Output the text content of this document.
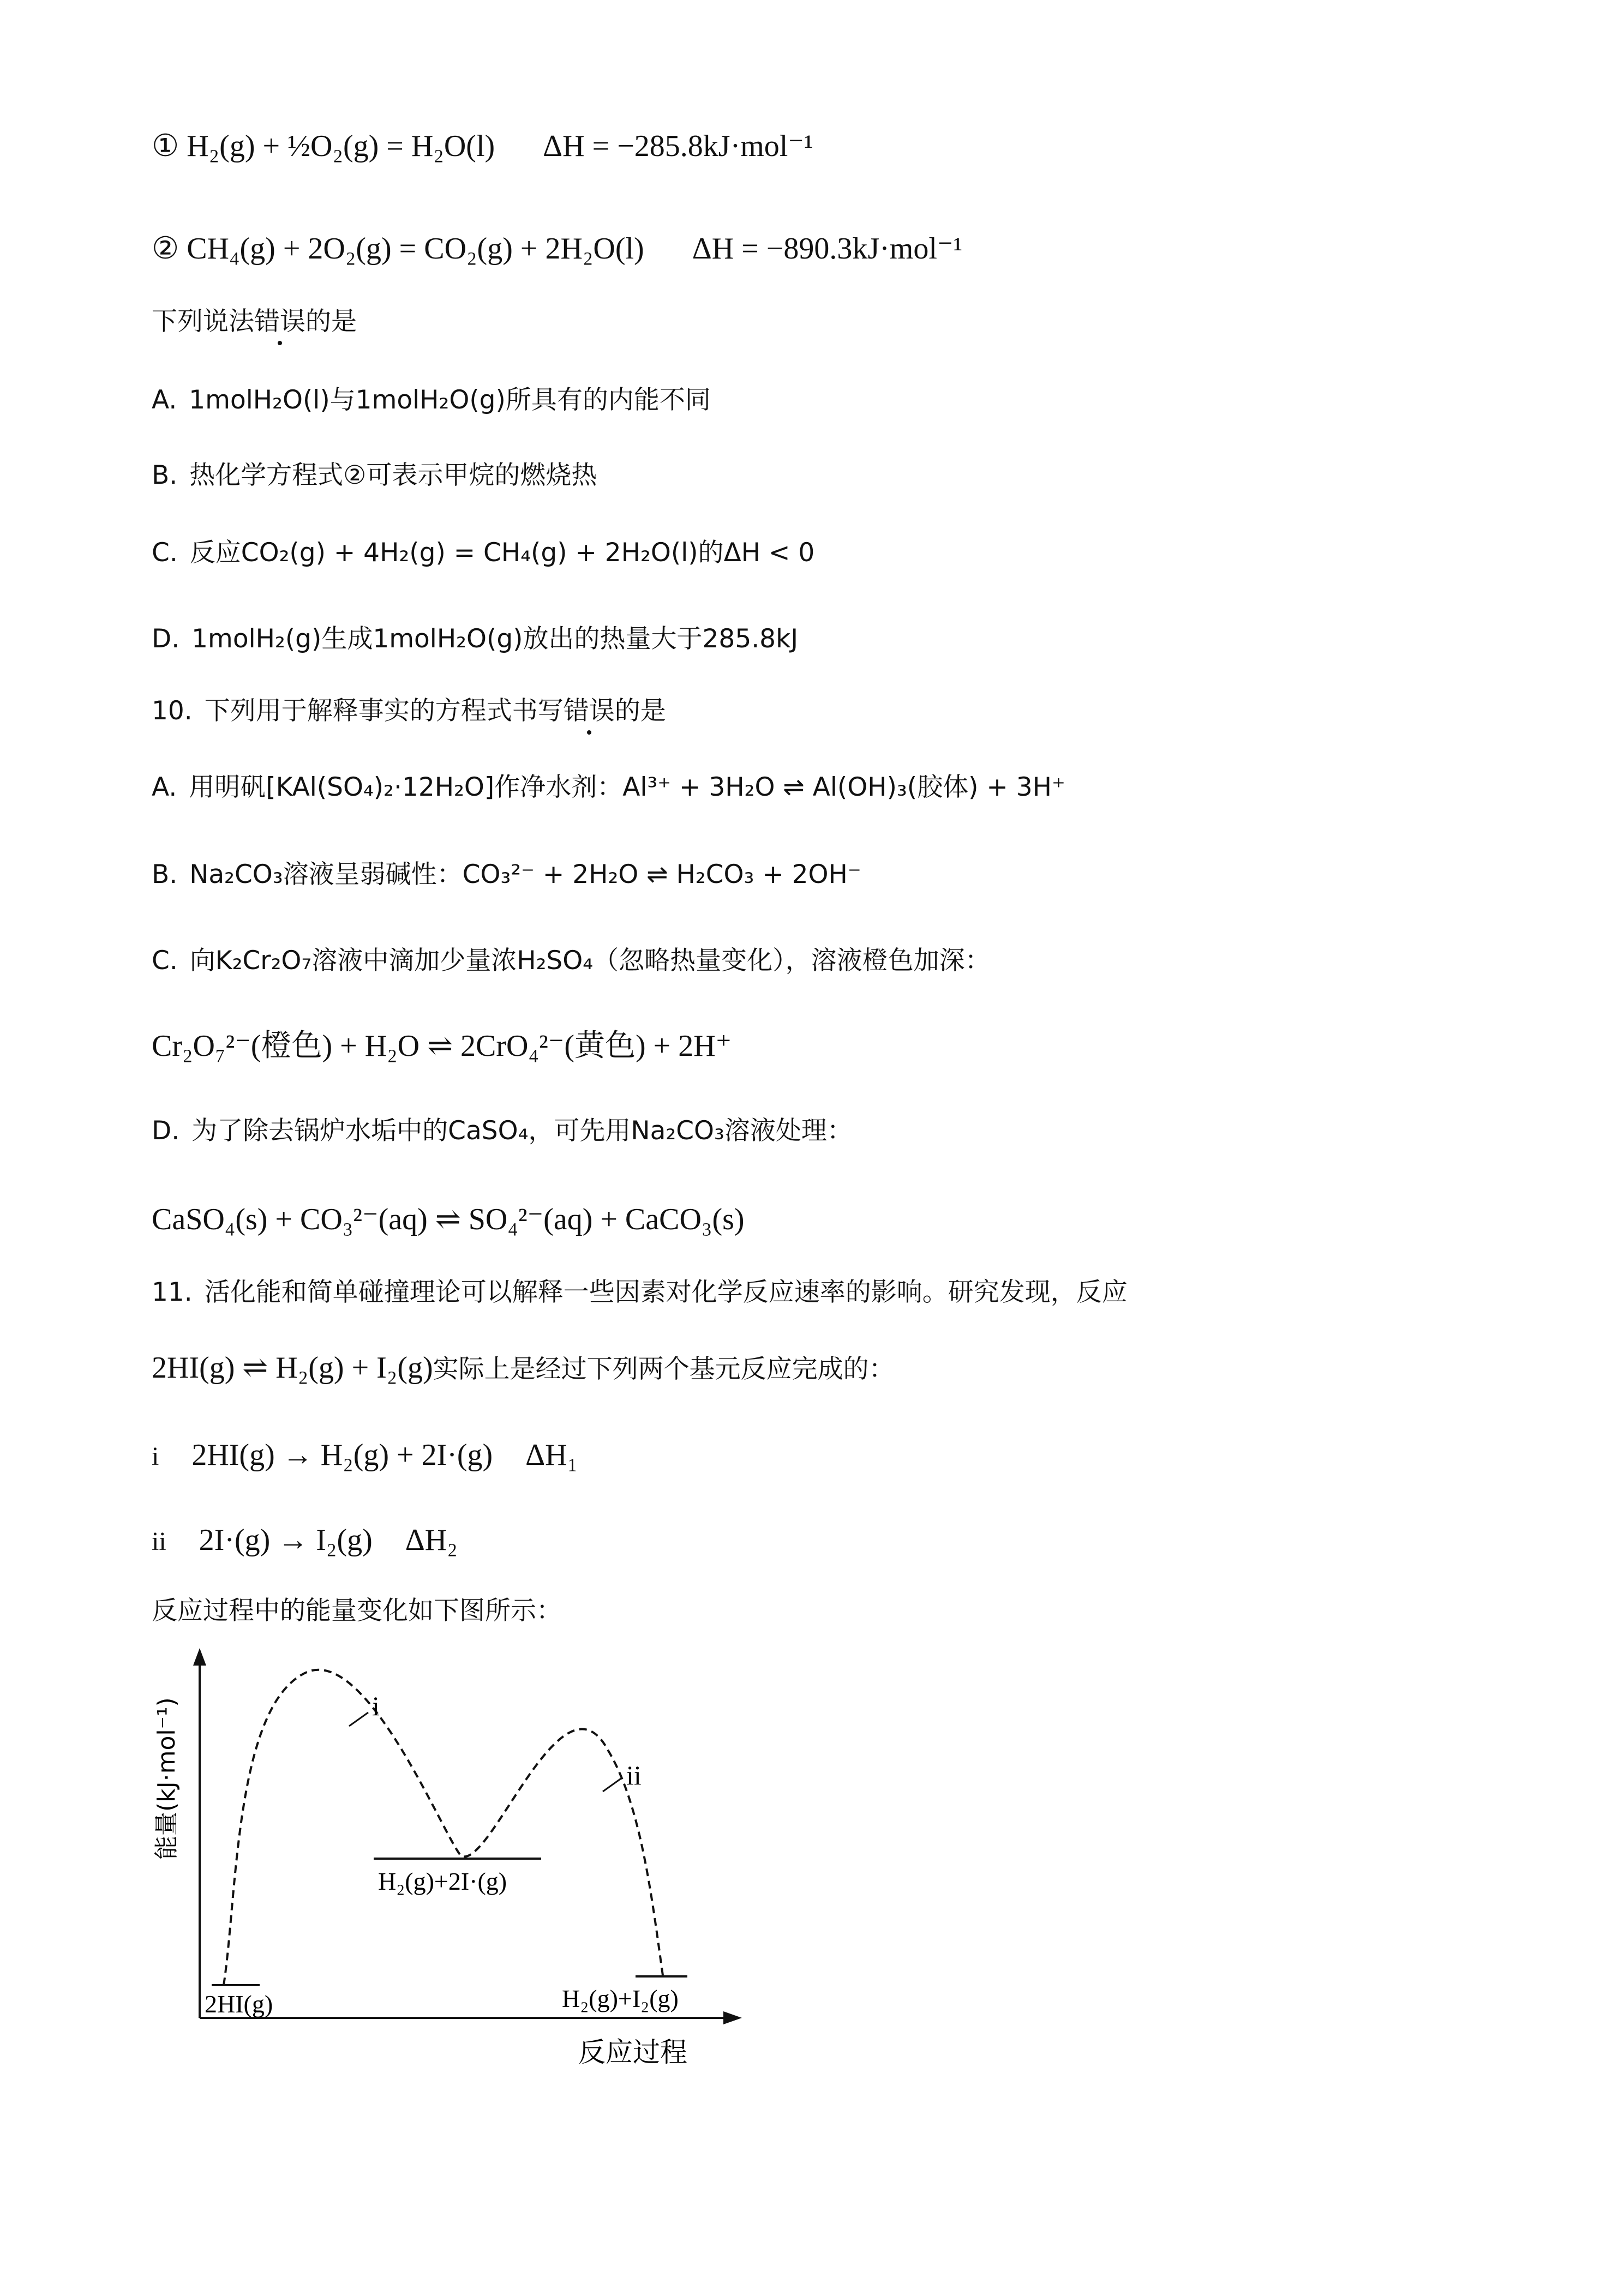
① H₂(g) + ½O₂(g) = H₂O(l) ΔH = −285.8kJ·mol⁻¹
② CH₄(g) + 2O₂(g) = CO₂(g) + 2H₂O(l) ΔH = −890.3kJ·mol⁻¹
下列说法错误的是
A. 1molH₂O(l)与1molH₂O(g)所具有的内能不同
B. 热化学方程式②可表示甲烷的燃烧热
C. 反应CO₂(g) + 4H₂(g) = CH₄(g) + 2H₂O(l)的ΔH < 0
D. 1molH₂(g)生成1molH₂O(g)放出的热量大于285.8kJ
10. 下列用于解释事实的方程式书写错误的是
A. 用明矾[KAl(SO₄)₂·12H₂O]作净水剂：Al³⁺ + 3H₂O ⇌ Al(OH)₃(胶体) + 3H⁺
B. Na₂CO₃溶液呈弱碱性：CO₃²⁻ + 2H₂O ⇌ H₂CO₃ + 2OH⁻
C. 向K₂Cr₂O₇溶液中滴加少量浓H₂SO₄（忽略热量变化），溶液橙色加深：
Cr₂O₇²⁻(橙色) + H₂O ⇌ 2CrO₄²⁻(黄色) + 2H⁺
D. 为了除去锅炉水垢中的CaSO₄，可先用Na₂CO₃溶液处理：
CaSO₄(s) + CO₃²⁻(aq) ⇌ SO₄²⁻(aq) + CaCO₃(s)
11. 活化能和简单碰撞理论可以解释一些因素对化学反应速率的影响。研究发现，反应
2HI(g) ⇌ H₂(g) + I₂(g)实际上是经过下列两个基元反应完成的：
i 2HI(g) → H₂(g) + 2I·(g) ΔH₁
ii 2I·(g) → I₂(g) ΔH₂
反应过程中的能量变化如下图所示：
能量(kJ·mol⁻¹)
反应过程
i
ii
2HI(g)
H₂(g)+2I·(g)
H₂(g)+I₂(g)
